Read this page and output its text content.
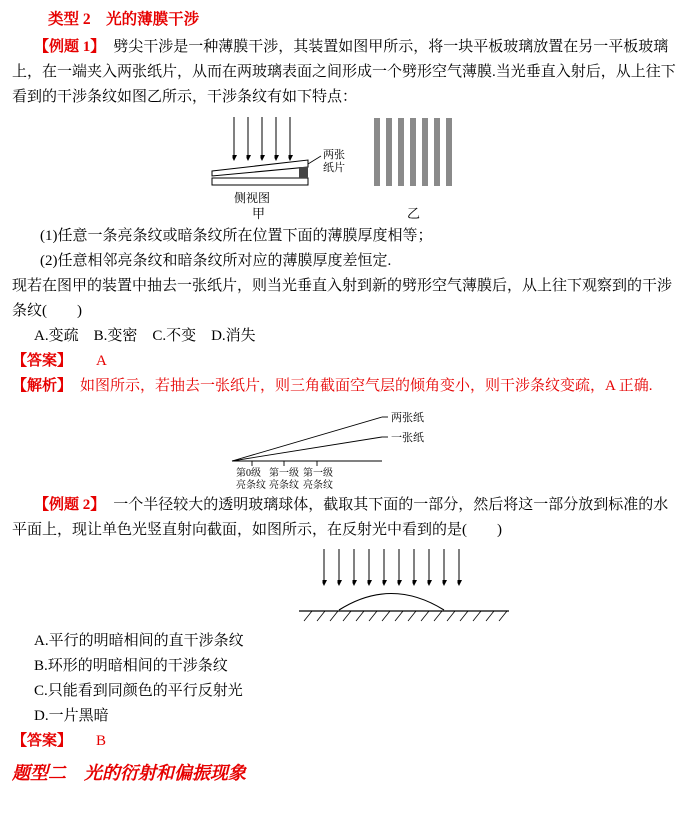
类型 2　光的薄膜干涉

【例题 1】 劈尖干涉是一种薄膜干涉，其装置如图甲所示，将一块平板玻璃放置在另一平板玻璃上，在一端夹入两张纸片，从而在两玻璃表面之间形成一个劈形空气薄膜.当光垂直入射后，从上往下看到的干涉条纹如图乙所示，干涉条纹有如下特点：

两张
纸片
侧视图
甲	乙

(1)任意一条亮条纹或暗条纹所在位置下面的薄膜厚度相等；

(2)任意相邻亮条纹和暗条纹所对应的薄膜厚度差恒定.

现若在图甲的装置中抽去一张纸片，则当光垂直入射到新的劈形空气薄膜后，从上往下观察到的干涉条纹(　　)

A.变疏　B.变密　C.不变　D.消失

【答案】 A

【解析】 如图所示，若抽去一张纸片，则三角截面空气层的倾角变小，则干涉条纹变疏，A 正确.

两张纸
一张纸
第0级 第一级 第一级
亮条纹 亮条纹 亮条纹

【例题 2】 一个半径较大的透明玻璃球体，截取其下面的一部分，然后将这一部分放到标准的水平面上，现让单色光竖直射向截面，如图所示，在反射光中看到的是(　　)

A.平行的明暗相间的直干涉条纹

B.环形的明暗相间的干涉条纹

C.只能看到同颜色的平行反射光

D.一片黑暗

【答案】 B

题型二　光的衍射和偏振现象
